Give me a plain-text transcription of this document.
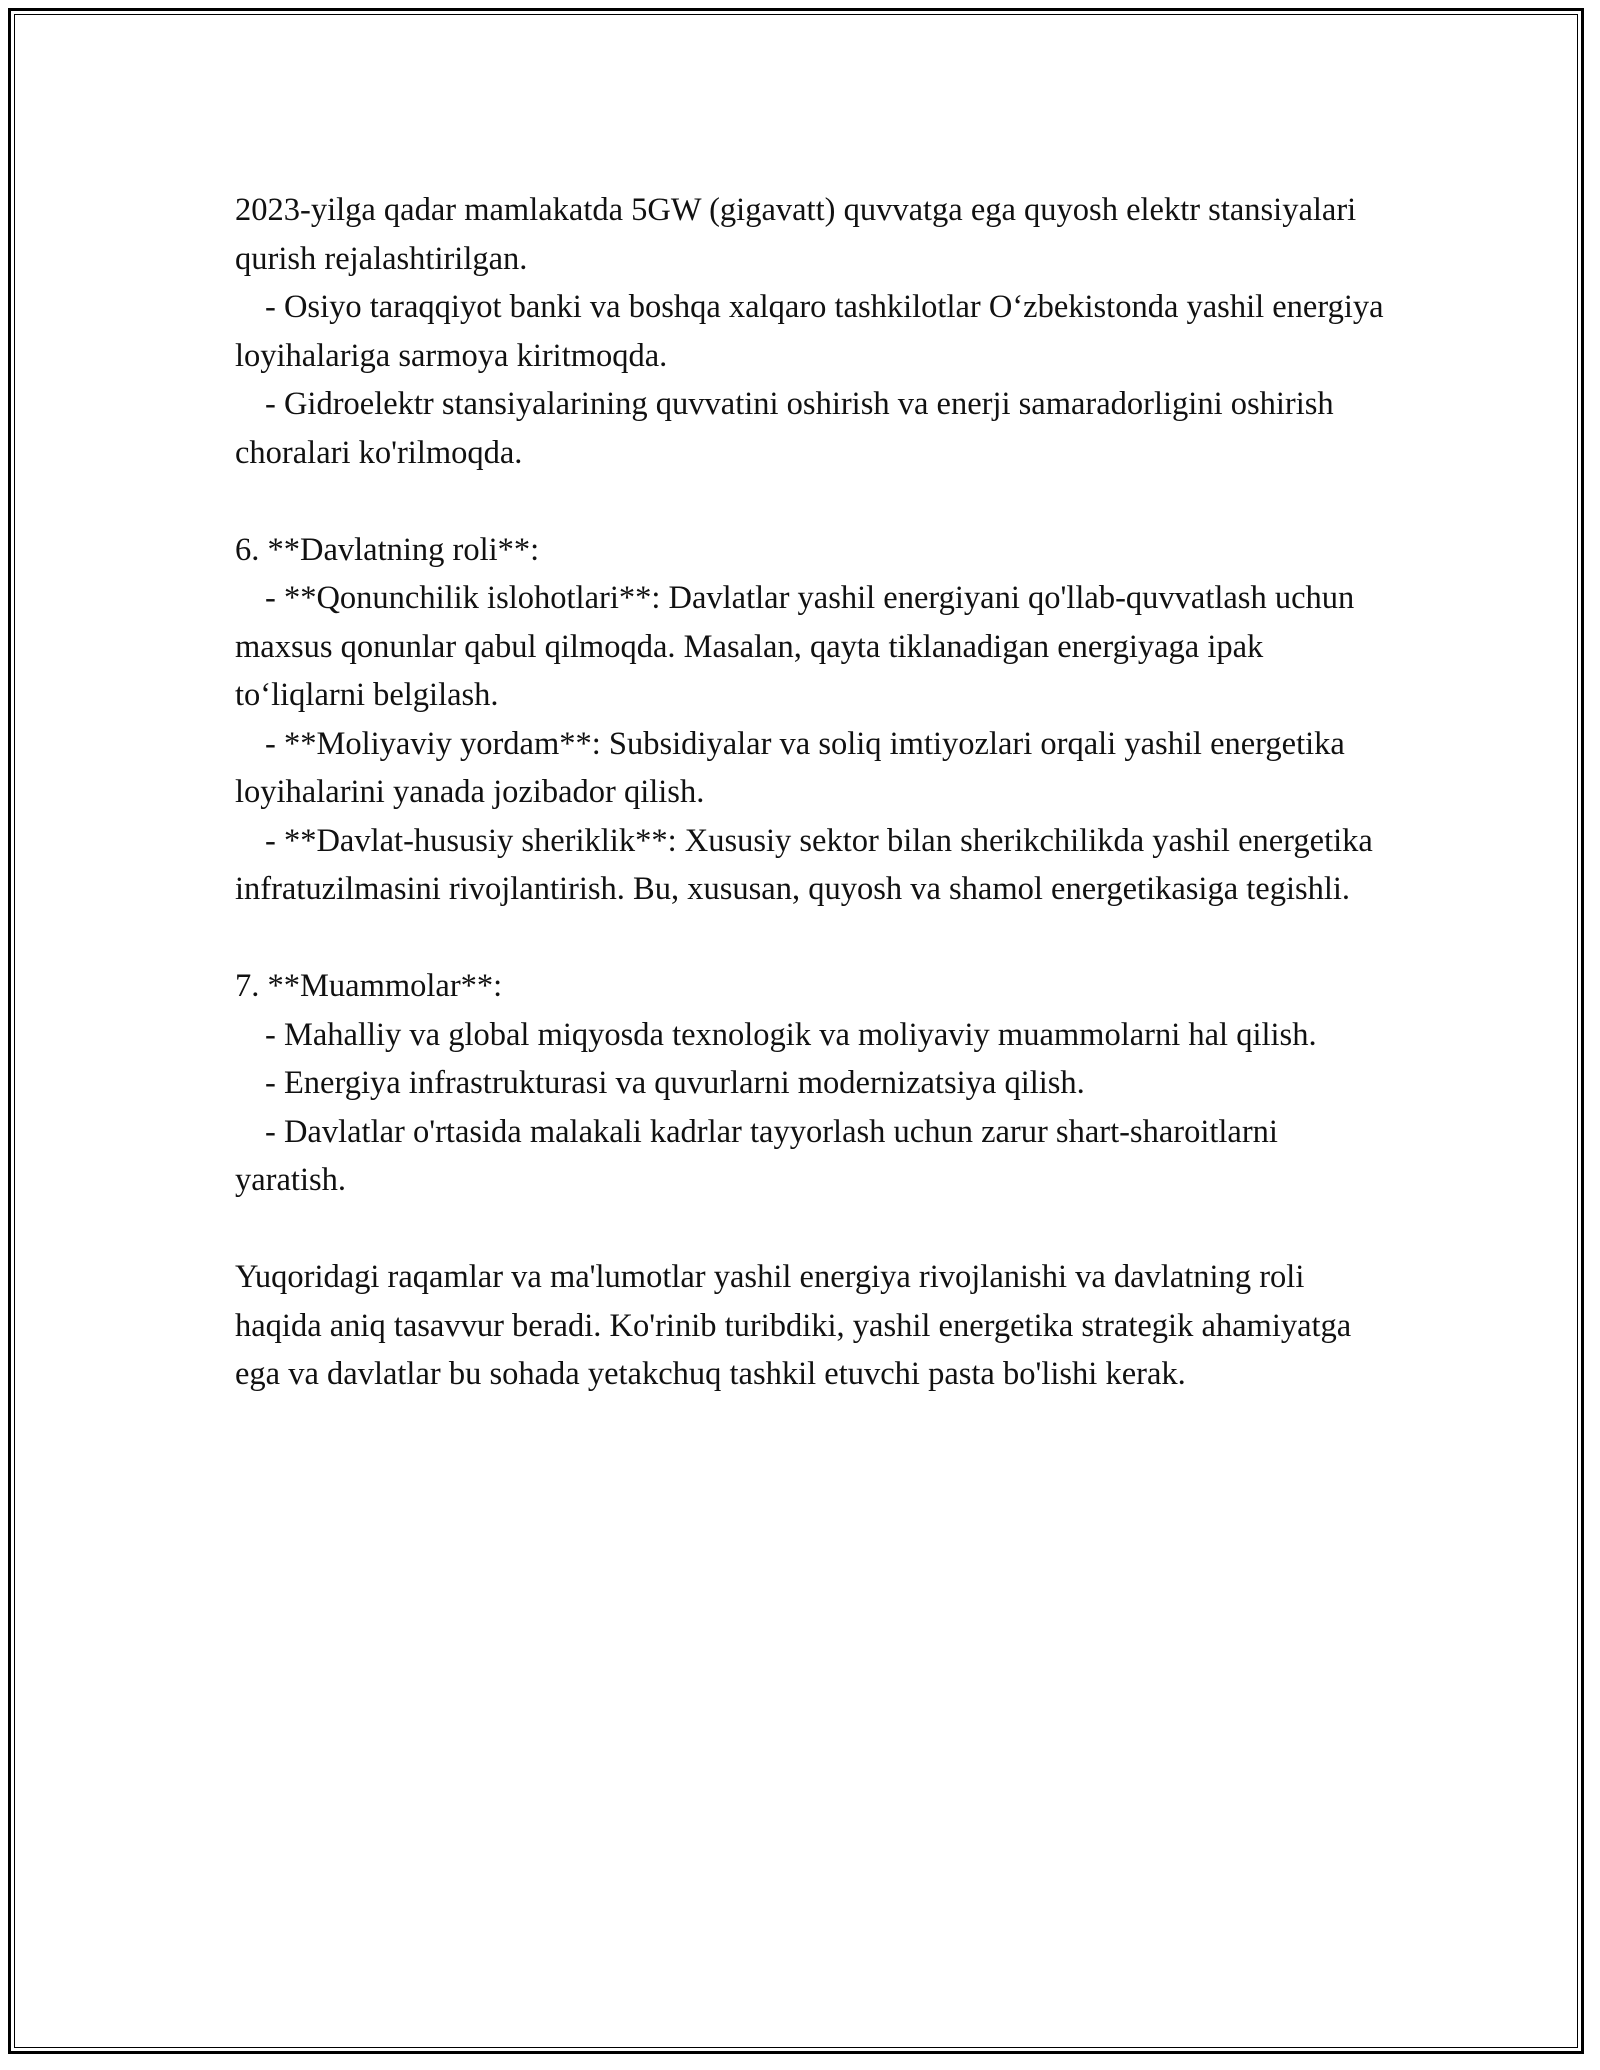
2023-yilga qadar mamlakatda 5GW (gigavatt) quvvatga ega quyosh elektr stansiyalari qurish rejalashtirilgan.

- Osiyo taraqqiyot banki va boshqa xalqaro tashkilotlar O‘zbekistonda yashil energiya loyihalariga sarmoya kiritmoqda.

- Gidroelektr stansiyalarining quvvatini oshirish va enerji samaradorligini oshirish choralari ko'rilmoqda.

6. **Davlatning roli**:

- **Qonunchilik islohotlari**: Davlatlar yashil energiyani qo'llab-quvvatlash uchun maxsus qonunlar qabul qilmoqda. Masalan, qayta tiklanadigan energiyaga ipak to‘liqlarni belgilash.

- **Moliyaviy yordam**: Subsidiyalar va soliq imtiyozlari orqali yashil energetika loyihalarini yanada jozibador qilish.

- **Davlat-hususiy sheriklik**: Xususiy sektor bilan sherikchilikda yashil energetika infratuzilmasini rivojlantirish. Bu, xususan, quyosh va shamol energetikasiga tegishli.

7. **Muammolar**:

- Mahalliy va global miqyosda texnologik va moliyaviy muammolarni hal qilish.

- Energiya infrastrukturasi va quvurlarni modernizatsiya qilish.

- Davlatlar o'rtasida malakali kadrlar tayyorlash uchun zarur shart-sharoitlarni yaratish.

Yuqoridagi raqamlar va ma'lumotlar yashil energiya rivojlanishi va davlatning roli haqida aniq tasavvur beradi. Ko'rinib turibdiki, yashil energetika strategik ahamiyatga ega va davlatlar bu sohada yetakchuq tashkil etuvchi pasta bo'lishi kerak.
